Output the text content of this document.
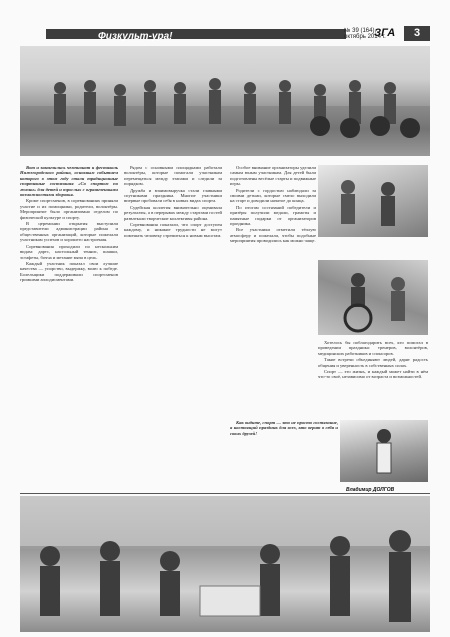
Физкульт-ура!	№ 39 (164),
октябрь 2014 г.
ЗГА	3

Вот и закончились чемпионат и фестиваль Нижегородского района, основным событием которого в этом году стали традиционные спортивные состязания «Со спортом по жизни» для детей и взрослых с ограниченными возможностями здоровья.

Кроме спортсменов, в соревнованиях приняли участие и их помощники, родители, волонтёры. Мероприятие было организовано отделом по физической культуре и спорту.

В церемонии открытия выступили представители администрации района и общественных организаций, которые пожелали участникам успехов и хорошего настроения.

Соревнования проходили по нескольким видам: дартс, настольный теннис, шашки, эстафеты, бочча и метание мяча в цель.

Каждый участник показал свои лучшие качества — упорство, выдержку, волю к победе. Болельщики поддерживали спортсменов громкими аплодисментами.

Рядом с основными площадками работали волонтёры, которые помогали участникам перемещаться между этапами и следили за порядком.

Дружба и взаимовыручка стали главными спутниками праздника. Многие участники впервые пробовали себя в новых видах спорта.

Судейская коллегия внимательно оценивала результаты, а в перерывах между стартами гостей развлекали творческие коллективы района.

Соревнования показали, что спорт доступен каждому, и никакие трудности не могут помешать человеку стремиться к новым высотам.

Особое внимание организаторы уделили самым юным участникам. Для детей были подготовлены весёлые старты и подвижные игры.

Родители с гордостью наблюдали за своими детьми, которые смело выходили на старт и доводили начатое до конца.

По итогам состязаний победители и призёры получили медали, грамоты и памятные подарки от организаторов праздника.

Все участники отметили тёплую атмосферу и пожелали, чтобы подобные мероприятия проводились как можно чаще.

Хотелось бы поблагодарить всех, кто помогал в проведении праздника: тренеров, волонтёров, медицинских работников и спонсоров.

Такие встречи объединяют людей, дарят радость общения и уверенность в собственных силах.

Спорт — это жизнь, и каждый может найти в нём что-то своё, независимо от возраста и возможностей.

Как видите, спорт — это не просто состязание, а настоящий праздник для всех, кто верит в себя и своих друзей!

Владимир ДОЛГОВ
